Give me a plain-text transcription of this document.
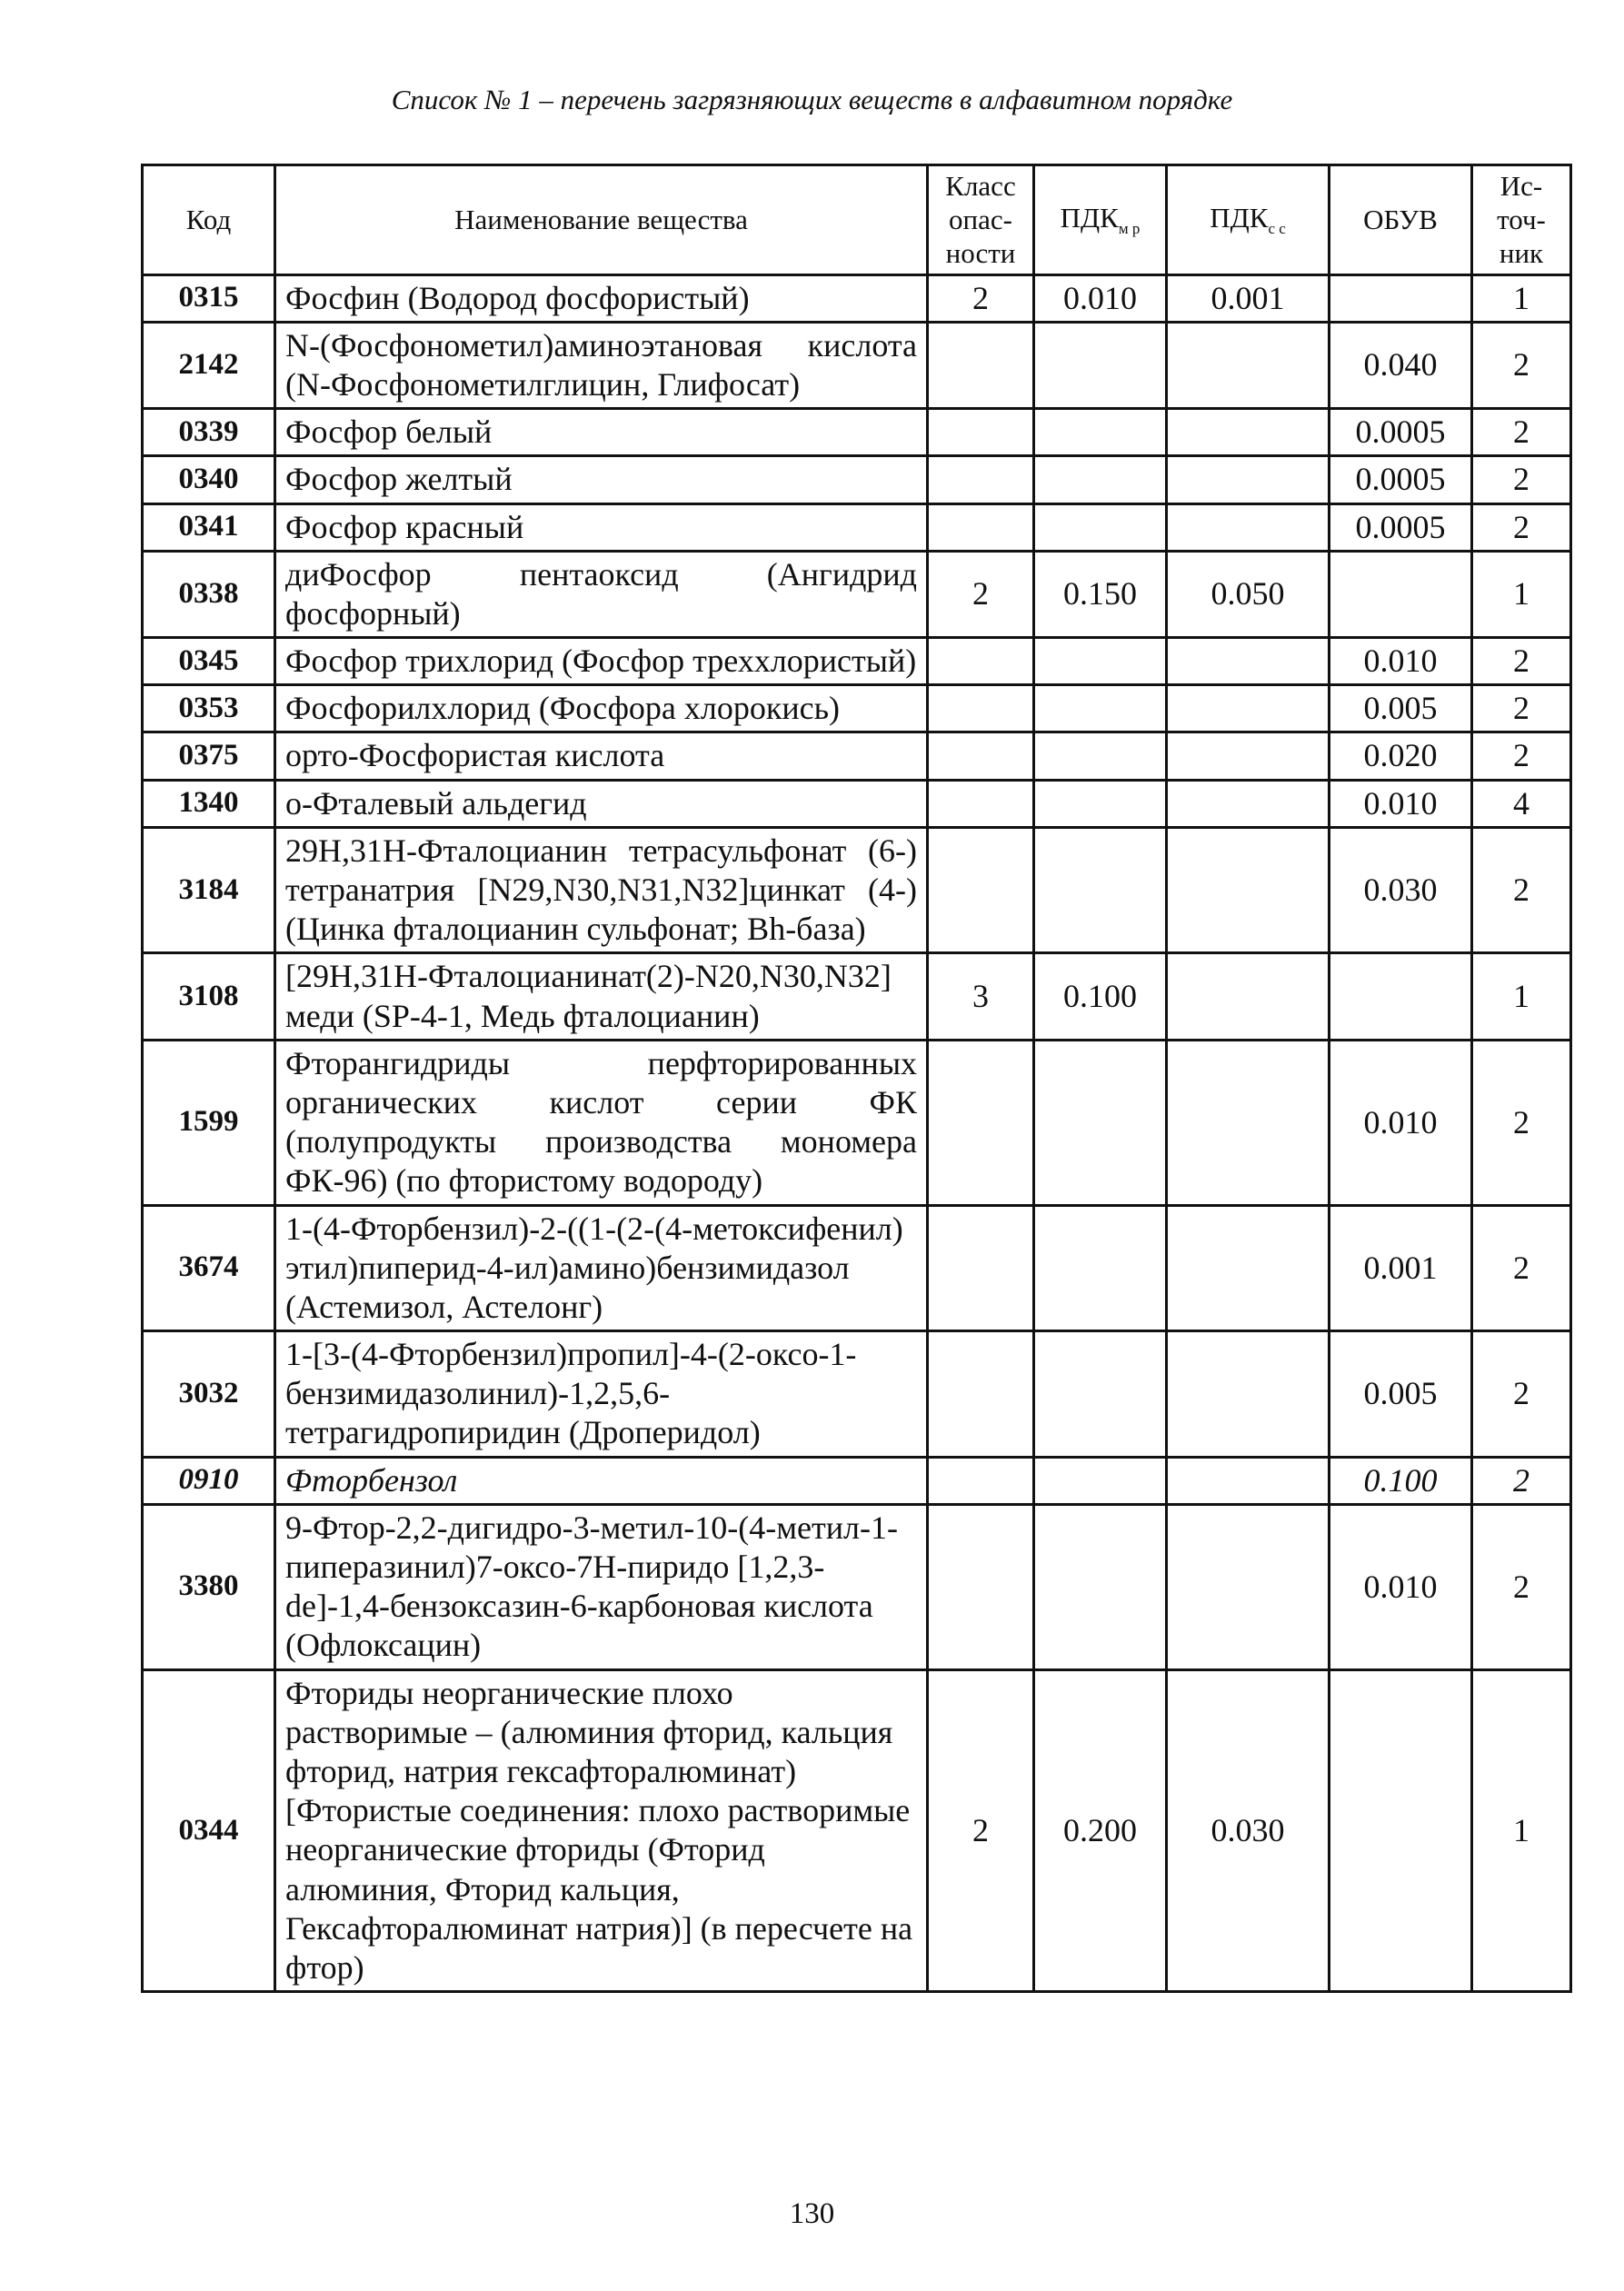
Список № 1 – перечень загрязняющих веществ в алфавитном порядке
Код	Наименование вещества	Класс опас- ности	$ПДК_{м р}$	$ПДК_{с с}$	ОБУВ	Ис- точ- ник
0315	Фосфин (Водород фосфористый)	2	0.010	0.001		1
2142	N-(Фосфонометил)аминоэтановая кислота (N-Фосфонометилглицин, Глифосат)				0.040	2
0339	Фосфор белый				0.0005	2
0340	Фосфор желтый				0.0005	2
0341	Фосфор красный				0.0005	2
0338	диФосфор пентаоксид (Ангидрид фосфорный)	2	0.150	0.050		1
0345	Фосфор трихлорид (Фосфор треххлористый)				0.010	2
0353	Фосфорилхлорид (Фосфора хлорокись)				0.005	2
0375	орто-Фосфористая кислота				0.020	2
1340	о-Фталевый альдегид				0.010	4
3184	29H,31H-Фталоцианин тетрасульфонат (6-) тетранатрия [N29,N30,N31,N32]цинкат (4-) (Цинка фталоцианин сульфонат; Bh-база)				0.030	2
3108	[29H,31H-Фталоцианинат(2)-N20,N30,N32] меди (SP-4-1, Медь фталоцианин)	3	0.100			1
1599	Фторангидриды перфторированных органических кислот серии ФК (полупродукты производства мономера ФК-96) (по фтористому водороду)				0.010	2
3674	1-(4-Фторбензил)-2-((1-(2-(4-метоксифенил) этил)пиперид-4-ил)амино)бензимидазол (Астемизол, Астелонг)				0.001	2
3032	1-[3-(4-Фторбензил)пропил]-4-(2-оксо-1-бензимидазолинил)-1,2,5,6-тетрагидропиридин (Дроперидол)				0.005	2
0910	Фторбензол				0.100	2
3380	9-Фтор-2,2-дигидро-3-метил-10-(4-метил-1-пиперазинил)7-оксо-7H-пиридо [1,2,3-de]-1,4-бензоксазин-6-карбоновая кислота (Офлоксацин)				0.010	2
0344	Фториды неорганические плохо растворимые – (алюминия фторид, кальция фторид, натрия гексафторалюминат) [Фтористые соединения: плохо растворимые неорганические фториды (Фторид алюминия, Фторид кальция, Гексафторалюминат натрия)] (в пересчете на фтор)	2	0.200	0.030		1
130
